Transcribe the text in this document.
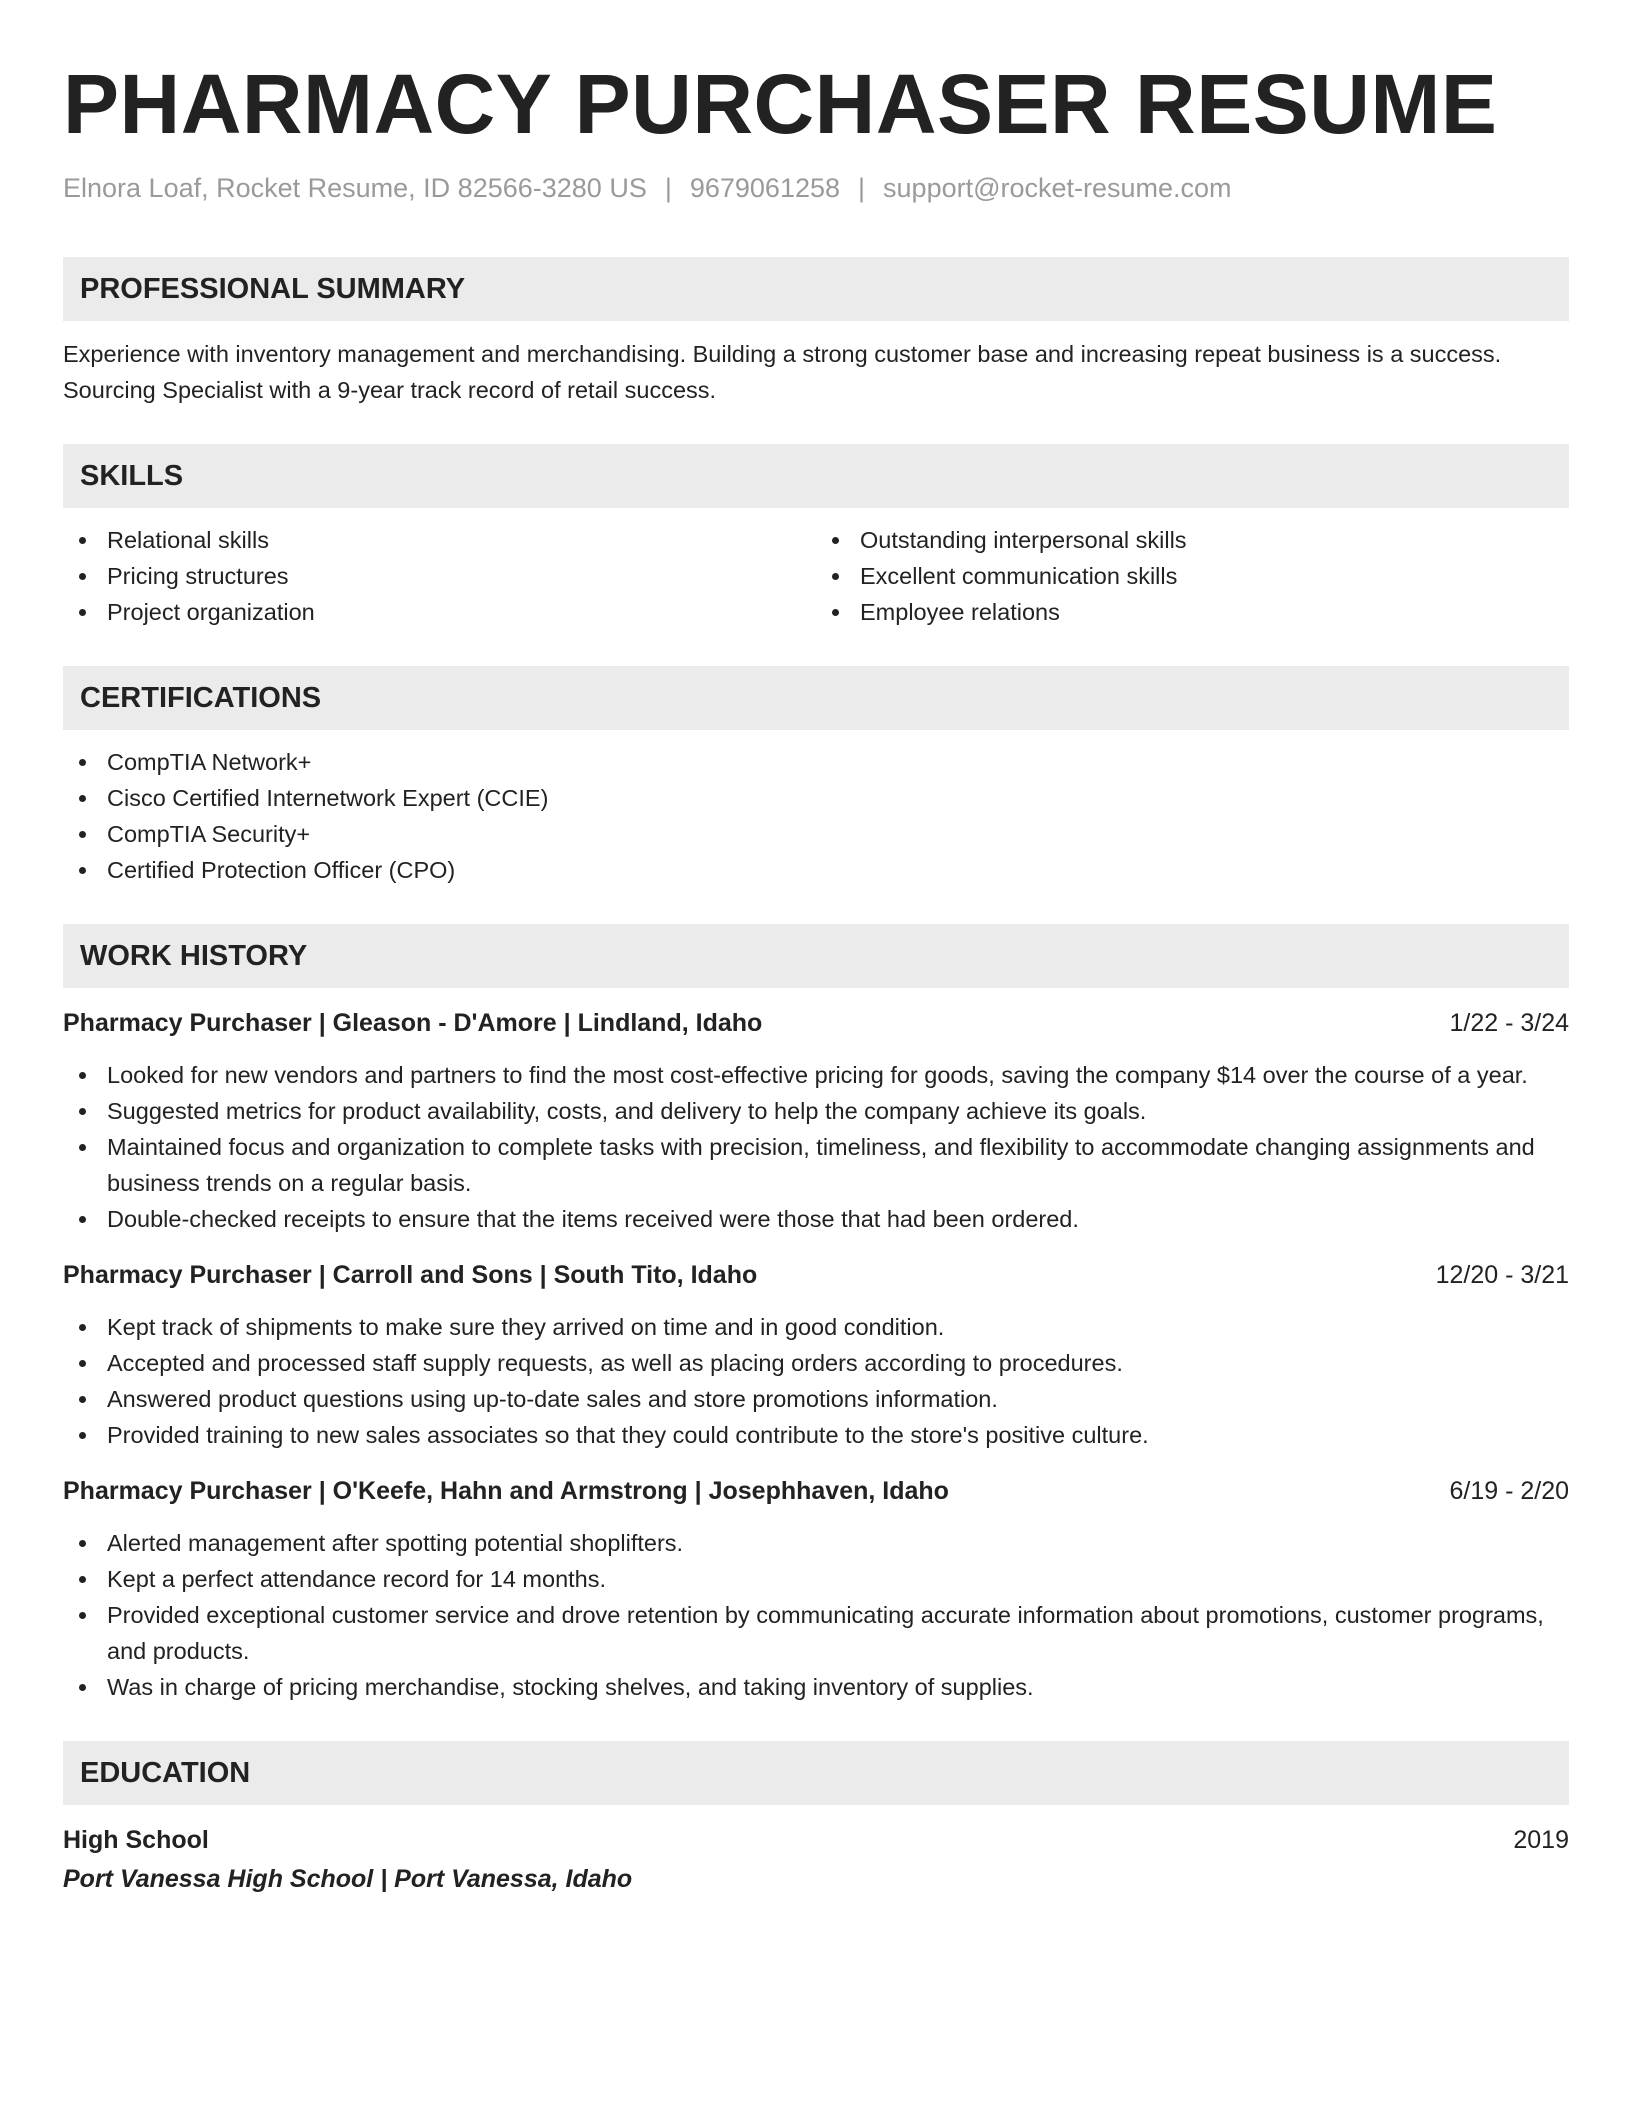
PHARMACY PURCHASER RESUME
Elnora Loaf, Rocket Resume, ID 82566-3280 US | 9679061258 | support@rocket-resume.com
PROFESSIONAL SUMMARY
Experience with inventory management and merchandising. Building a strong customer base and increasing repeat business is a success. Sourcing Specialist with a 9-year track record of retail success.
SKILLS
Relational skills
Pricing structures
Project organization
Outstanding interpersonal skills
Excellent communication skills
Employee relations
CERTIFICATIONS
CompTIA Network+
Cisco Certified Internetwork Expert (CCIE)
CompTIA Security+
Certified Protection Officer (CPO)
WORK HISTORY
Pharmacy Purchaser | Gleason - D'Amore | Lindland, Idaho	1/22 - 3/24
Looked for new vendors and partners to find the most cost-effective pricing for goods, saving the company $14 over the course of a year.
Suggested metrics for product availability, costs, and delivery to help the company achieve its goals.
Maintained focus and organization to complete tasks with precision, timeliness, and flexibility to accommodate changing assignments and business trends on a regular basis.
Double-checked receipts to ensure that the items received were those that had been ordered.
Pharmacy Purchaser | Carroll and Sons | South Tito, Idaho	12/20 - 3/21
Kept track of shipments to make sure they arrived on time and in good condition.
Accepted and processed staff supply requests, as well as placing orders according to procedures.
Answered product questions using up-to-date sales and store promotions information.
Provided training to new sales associates so that they could contribute to the store's positive culture.
Pharmacy Purchaser | O'Keefe, Hahn and Armstrong | Josephhaven, Idaho	6/19 - 2/20
Alerted management after spotting potential shoplifters.
Kept a perfect attendance record for 14 months.
Provided exceptional customer service and drove retention by communicating accurate information about promotions, customer programs, and products.
Was in charge of pricing merchandise, stocking shelves, and taking inventory of supplies.
EDUCATION
High School	2019
Port Vanessa High School | Port Vanessa, Idaho
